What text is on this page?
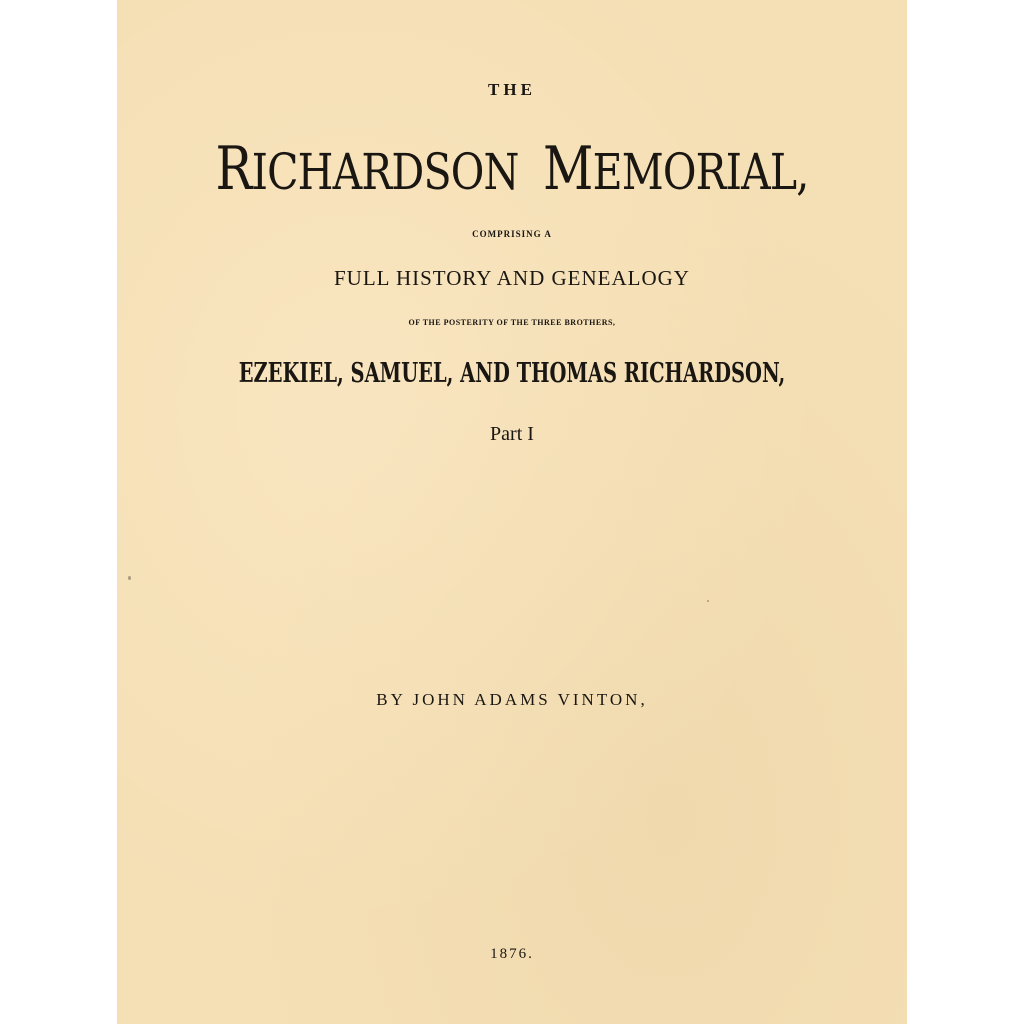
THE
RICHARDSON MEMORIAL,
COMPRISING A
FULL HISTORY AND GENEALOGY
OF THE POSTERITY OF THE THREE BROTHERS,
EZEKIEL, SAMUEL, AND THOMAS RICHARDSON,
Part I
BY JOHN ADAMS VINTON,
1876.
